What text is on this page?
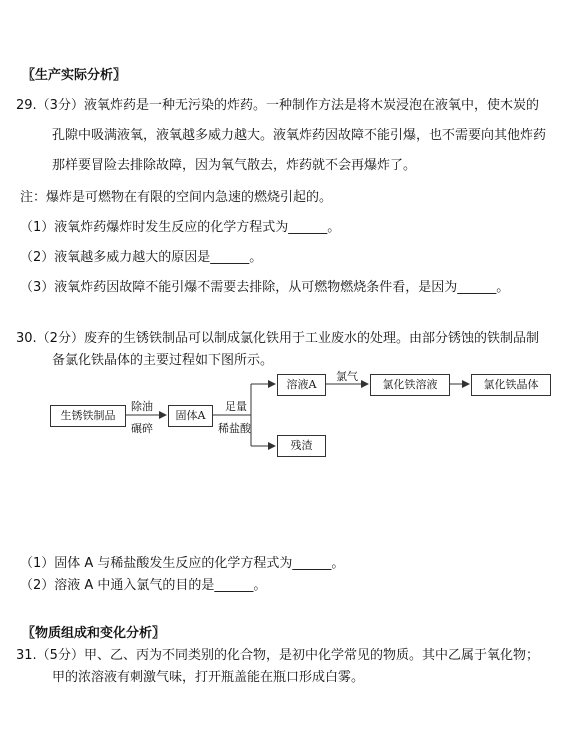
〖生产实际分析〗
29.（3分）液氧炸药是一种无污染的炸药。一种制作方法是将木炭浸泡在液氧中，使木炭的
孔隙中吸满液氧，液氧越多威力越大。液氧炸药因故障不能引爆，也不需要向其他炸药
那样要冒险去排除故障，因为氧气散去，炸药就不会再爆炸了。
注：爆炸是可燃物在有限的空间内急速的燃烧引起的。
（1）液氧炸药爆炸时发生反应的化学方程式为______。
（2）液氧越多威力越大的原因是______。
（3）液氧炸药因故障不能引爆不需要去排除，从可燃物燃烧条件看，是因为______。
30.（2分）废弃的生锈铁制品可以制成氯化铁用于工业废水的处理。由部分锈蚀的铁制品制
备氯化铁晶体的主要过程如下图所示。
生锈铁制品
除油
碾碎
固体A
足量
稀盐酸
溶液A
氯气
氯化铁溶液	氯化铁晶体
残渣
（1）固体 A 与稀盐酸发生反应的化学方程式为______。
（2）溶液 A 中通入氯气的目的是______。
〖物质组成和变化分析〗
31.（5分）甲、乙、丙为不同类别的化合物，是初中化学常见的物质。其中乙属于氧化物；
甲的浓溶液有刺激气味，打开瓶盖能在瓶口形成白雾。
